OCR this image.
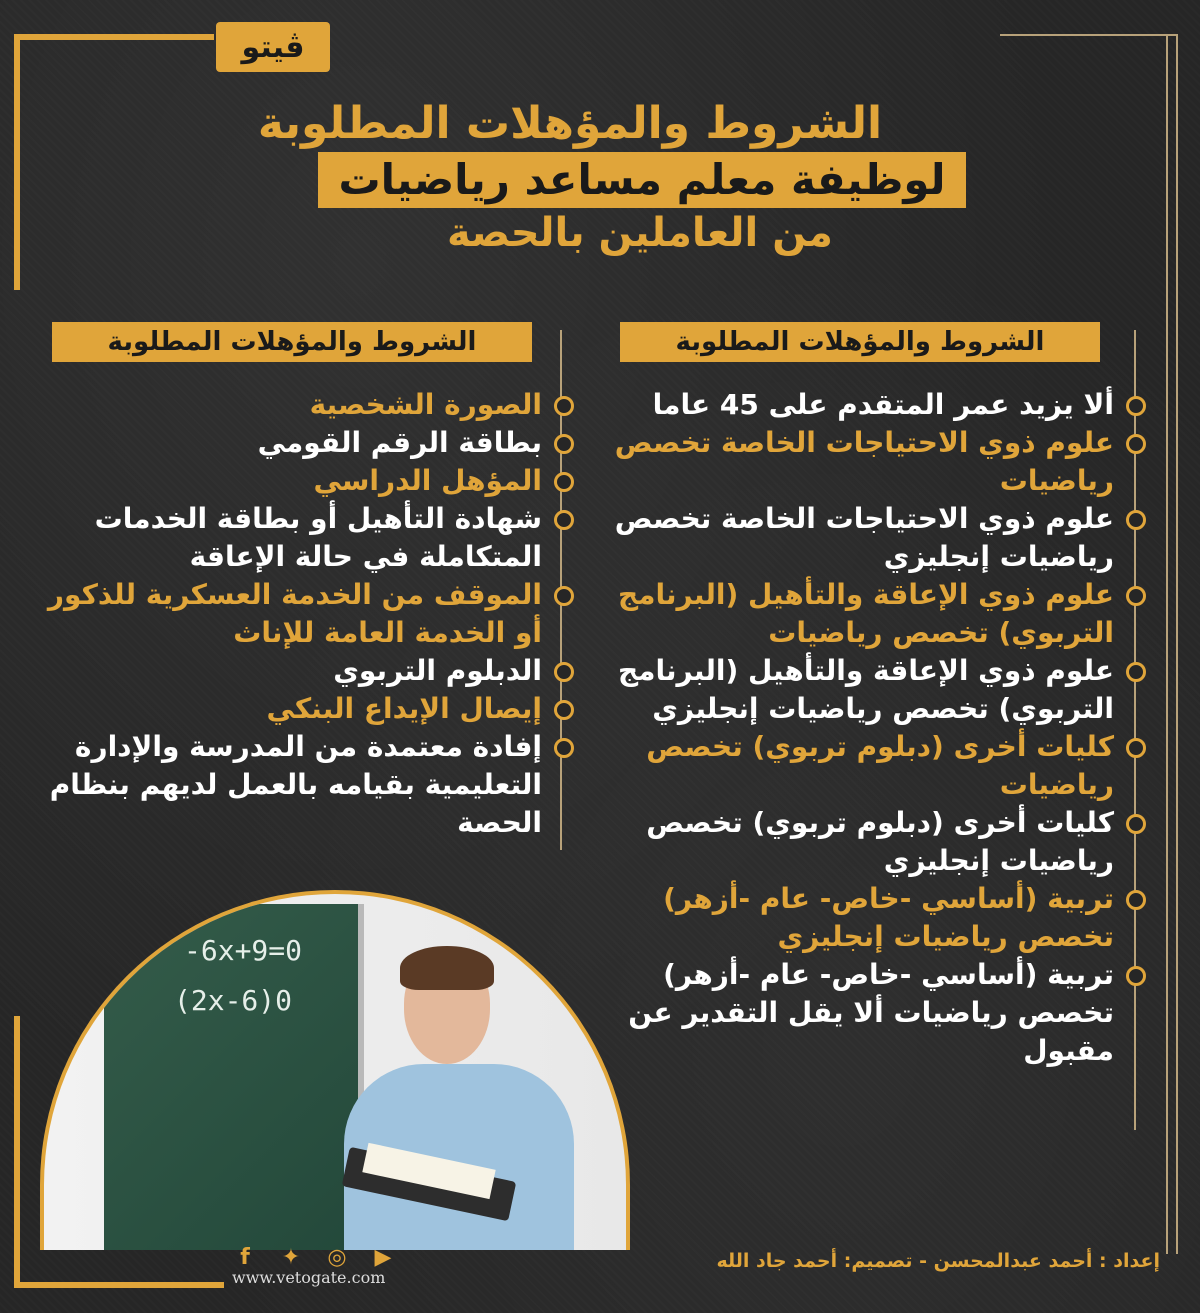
ڤيتو
الشروط والمؤهلات المطلوبة
لوظيفة معلم مساعد رياضيات
من العاملين بالحصة
الشروط والمؤهلات المطلوبة
الشروط والمؤهلات المطلوبة
ألا يزيد عمر المتقدم على 45 عاما
علوم ذوي الاحتياجات الخاصة تخصص رياضيات
علوم ذوي الاحتياجات الخاصة تخصص رياضيات إنجليزي
علوم ذوي الإعاقة والتأهيل (البرنامج التربوي) تخصص رياضيات
علوم ذوي الإعاقة والتأهيل (البرنامج التربوي) تخصص رياضيات إنجليزي
كليات أخرى (دبلوم تربوي) تخصص رياضيات
كليات أخرى (دبلوم تربوي) تخصص رياضيات إنجليزي
تربية (أساسي -خاص- عام -أزهر) تخصص رياضيات إنجليزي
تربية (أساسي -خاص- عام -أزهر) تخصص رياضيات ألا يقل التقدير عن مقبول
الصورة الشخصية
بطاقة الرقم القومي
المؤهل الدراسي
شهادة التأهيل أو بطاقة الخدمات المتكاملة في حالة الإعاقة
الموقف من الخدمة العسكرية للذكور أو الخدمة العامة للإناث
الدبلوم التربوي
إيصال الإيداع البنكي
إفادة معتمدة من المدرسة والإدارة التعليمية بقيامه بالعمل لديهم بنظام الحصة
-6x+9=0
(2x-6)0
f	✦ ◎ ▶
www.vetogate.com
إعداد : أحمد عبدالمحسن - تصميم: أحمد جاد الله
